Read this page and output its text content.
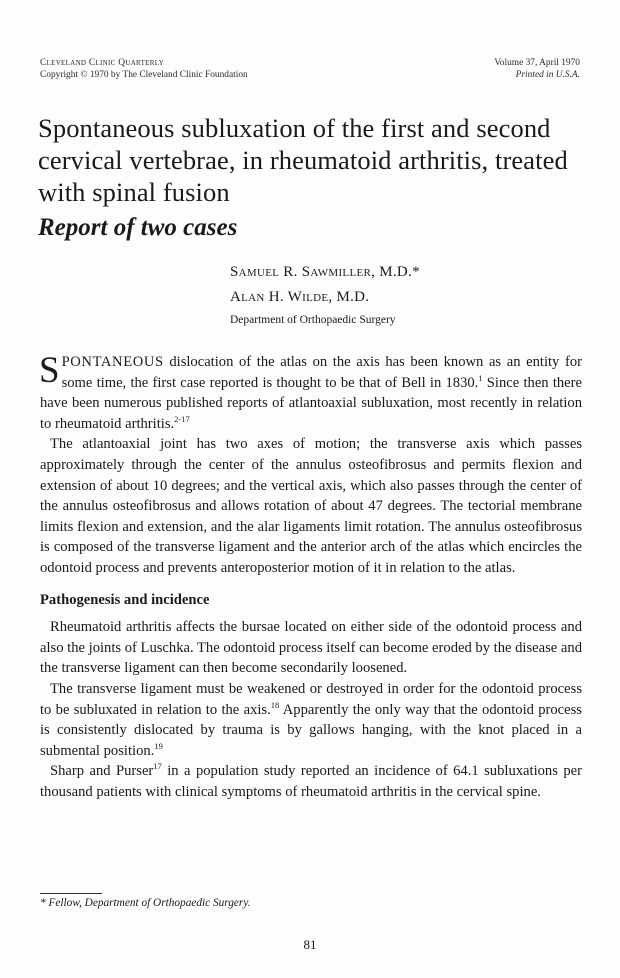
Cleveland Clinic Quarterly
Copyright © 1970 by The Cleveland Clinic Foundation
Volume 37, April 1970
Printed in U.S.A.
Spontaneous subluxation of the first and second cervical vertebrae, in rheumatoid arthritis, treated with spinal fusion
Report of two cases
Samuel R. Sawmiller, M.D.*
Alan H. Wilde, M.D.
Department of Orthopaedic Surgery

SPONTANEOUS dislocation of the atlas on the axis has been known as an entity for some time, the first case reported is thought to be that of Bell in 1830.$^1$ Since then there have been numerous published reports of atlantoaxial subluxation, most recently in relation to rheumatoid arthritis.$^{2-17}$

The atlantoaxial joint has two axes of motion; the transverse axis which passes approximately through the center of the annulus osteofibrosus and permits flexion and extension of about 10 degrees; and the vertical axis, which also passes through the center of the annulus osteofibrosus and allows rotation of about 47 degrees. The tectorial membrane limits flexion and extension, and the alar ligaments limit rotation. The annulus osteofibrosus is composed of the transverse ligament and the anterior arch of the atlas which encircles the odontoid process and prevents anteroposterior motion of it in relation to the atlas.

Pathogenesis and incidence

Rheumatoid arthritis affects the bursae located on either side of the odontoid process and also the joints of Luschka. The odontoid process itself can become eroded by the disease and the transverse ligament can then become secondarily loosened.

The transverse ligament must be weakened or destroyed in order for the odontoid process to be subluxated in relation to the axis.$^{18}$ Apparently the only way that the odontoid process is consistently dislocated by trauma is by gallows hanging, with the knot placed in a submental position.$^{19}$

Sharp and Purser$^{17}$ in a population study reported an incidence of 64.1 subluxations per thousand patients with clinical symptoms of rheumatoid arthritis in the cervical spine.

* Fellow, Department of Orthopaedic Surgery.
81
